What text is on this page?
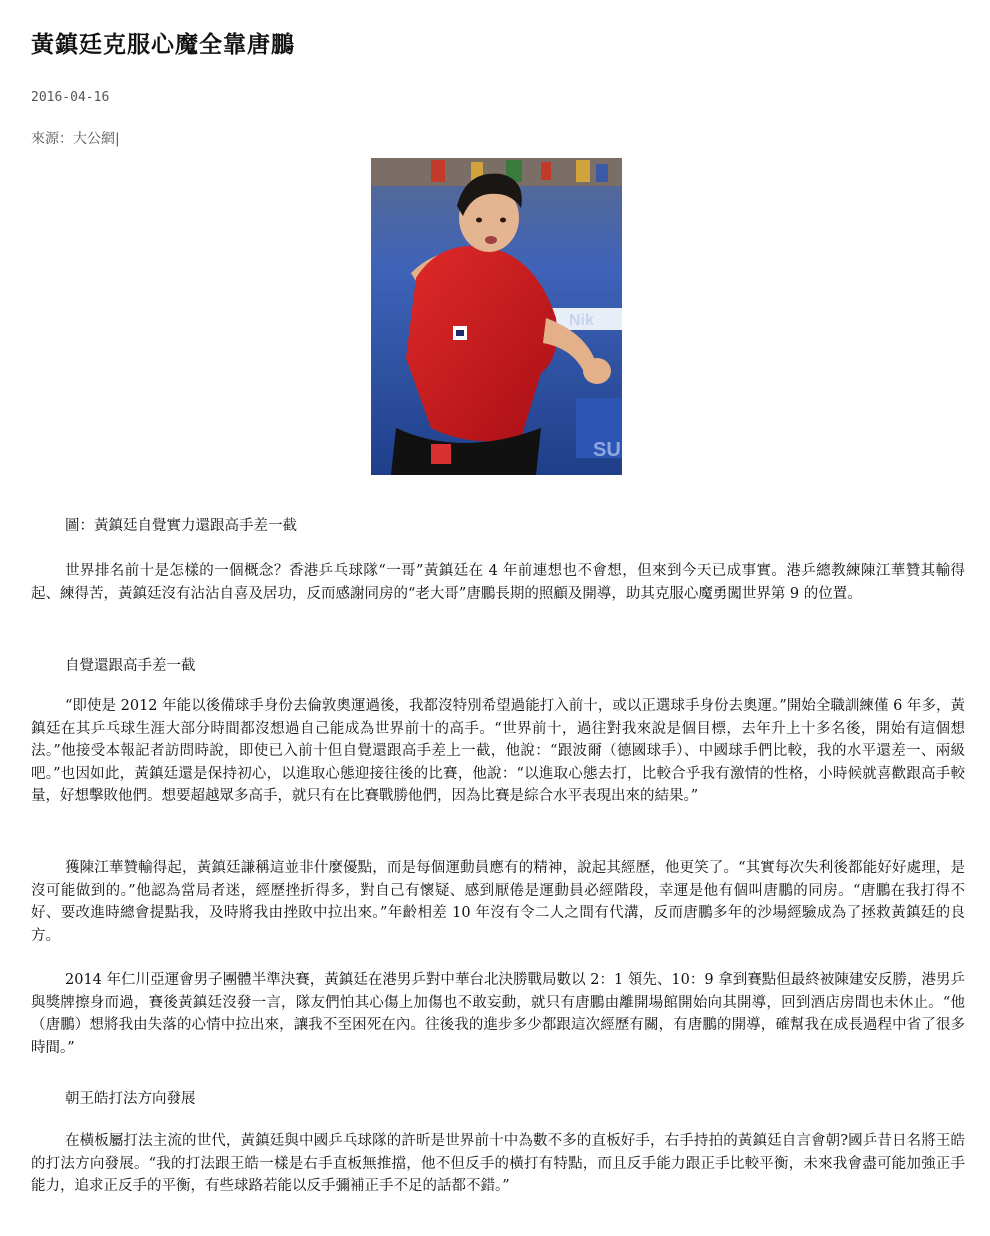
黃鎮廷克服心魔全靠唐鵬
2016-04-16
來源：大公網|
Nik
SU
圖：黃鎮廷自覺實力還跟高手差一截

世界排名前十是怎樣的一個概念？香港乒乓球隊“一哥”黃鎮廷在 4 年前連想也不會想，但來到今天已成事實。港乒總教練陳江華贊其輸得起、練得苦，黃鎮廷沒有沾沾自喜及居功，反而感謝同房的“老大哥”唐鵬長期的照顧及開導，助其克服心魔勇闖世界第 9 的位置。

自覺還跟高手差一截

“即使是 2012 年能以後備球手身份去倫敦奧運過後，我都沒特別希望過能打入前十，或以正選球手身份去奧運。”開始全職訓練僅 6 年多，黃鎮廷在其乒乓球生涯大部分時間都沒想過自己能成為世界前十的高手。“世界前十，過往對我來說是個目標，去年升上十多名後，開始有這個想法。”他接受本報記者訪問時說，即使已入前十但自覺還跟高手差上一截，他說：“跟波爾（德國球手）、中國球手們比較，我的水平還差一、兩級吧。”也因如此，黃鎮廷還是保持初心，以進取心態迎接往後的比賽，他說：“以進取心態去打，比較合乎我有激情的性格，小時候就喜歡跟高手較量，好想擊敗他們。想要超越眾多高手，就只有在比賽戰勝他們，因為比賽是綜合水平表現出來的結果。”

獲陳江華贊輸得起，黃鎮廷謙稱這並非什麼優點，而是每個運動員應有的精神，說起其經歷，他更笑了。“其實每次失利後都能好好處理，是沒可能做到的。”他認為當局者迷，經歷挫折得多，對自己有懷疑、感到厭倦是運動員必經階段，幸運是他有個叫唐鵬的同房。“唐鵬在我打得不好、要改進時總會提點我，及時將我由挫敗中拉出來。”年齡相差 10 年沒有令二人之間有代溝，反而唐鵬多年的沙場經驗成為了拯救黃鎮廷的良方。

2014 年仁川亞運會男子團體半準決賽，黃鎮廷在港男乒對中華台北決勝戰局數以 2：1 領先、10：9 拿到賽點但最終被陳建安反勝，港男乒與獎牌擦身而過，賽後黃鎮廷沒發一言，隊友們怕其心傷上加傷也不敢妄動，就只有唐鵬由離開場館開始向其開導，回到酒店房間也未休止。“他（唐鵬）想將我由失落的心情中拉出來，讓我不至困死在內。往後我的進步多少都跟這次經歷有關，有唐鵬的開導，確幫我在成長過程中省了很多時間。”

朝王皓打法方向發展

在橫板屬打法主流的世代，黃鎮廷與中國乒乓球隊的許昕是世界前十中為數不多的直板好手，右手持拍的黃鎮廷自言會朝?國乒昔日名將王皓的打法方向發展。“我的打法跟王皓一樣是右手直板無推擋，他不但反手的橫打有特點，而且反手能力跟正手比較平衡，未來我會盡可能加強正手能力，追求正反手的平衡，有些球路若能以反手彌補正手不足的話都不錯。”
